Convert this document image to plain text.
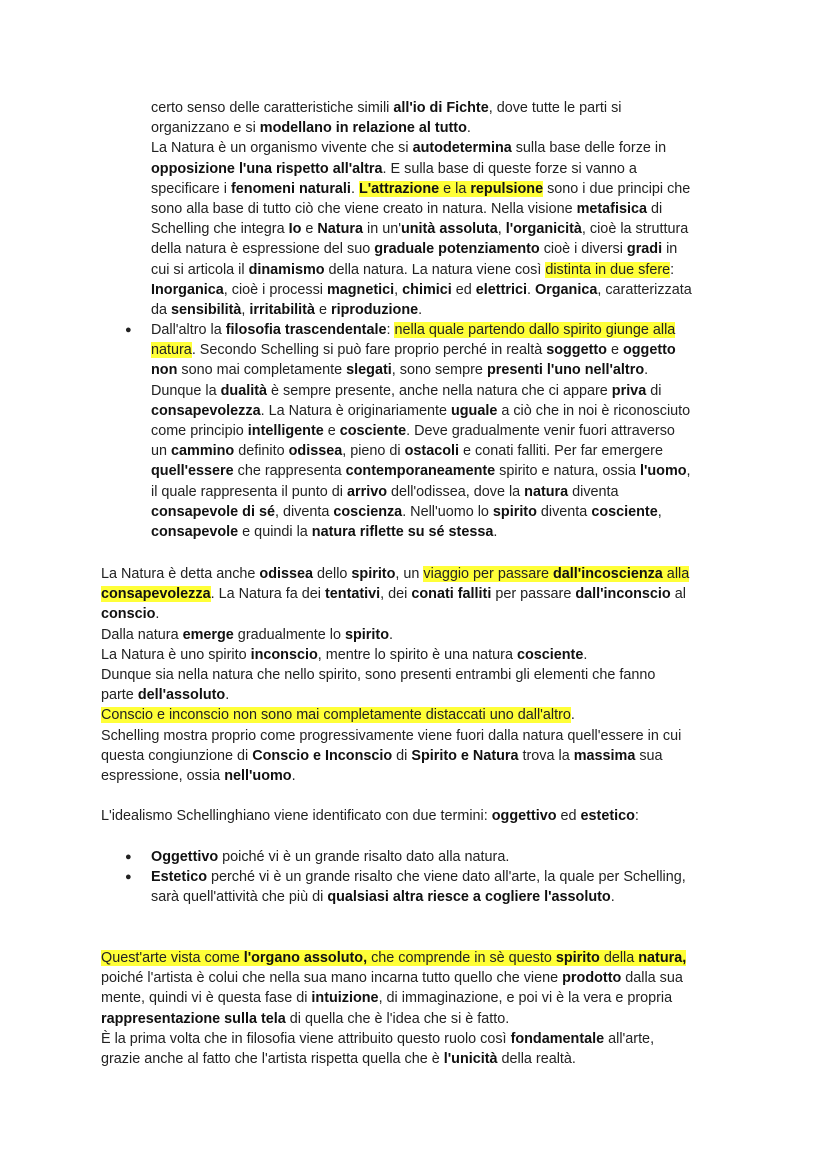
certo senso delle caratteristiche simili all'io di Fichte, dove tutte le parti si
organizzano e si modellano in relazione al tutto.
La Natura è un organismo vivente che si autodetermina sulla base delle forze in
opposizione l'una rispetto all'altra. E sulla base di queste forze si vanno a
specificare i fenomeni naturali. L'attrazione e la repulsione sono i due principi che
sono alla base di tutto ciò che viene creato in natura. Nella visione metafisica di
Schelling che integra Io e Natura in un'unità assoluta, l'organicità, cioè la struttura
della natura è espressione del suo graduale potenziamento cioè i diversi gradi in
cui si articola il dinamismo della natura. La natura viene così distinta in due sfere:
Inorganica, cioè i processi magnetici, chimici ed elettrici. Organica, caratterizzata
da sensibilità, irritabilità e riproduzione.
● Dall'altro la filosofia trascendentale: nella quale partendo dallo spirito giunge alla
natura. Secondo Schelling si può fare proprio perché in realtà soggetto e oggetto
non sono mai completamente slegati, sono sempre presenti l'uno nell'altro.
Dunque la dualità è sempre presente, anche nella natura che ci appare priva di
consapevolezza. La Natura è originariamente uguale a ciò che in noi è riconosciuto
come principio intelligente e cosciente. Deve gradualmente venir fuori attraverso
un cammino definito odissea, pieno di ostacoli e conati falliti. Per far emergere
quell'essere che rappresenta contemporaneamente spirito e natura, ossia l'uomo,
il quale rappresenta il punto di arrivo dell'odissea, dove la natura diventa
consapevole di sé, diventa coscienza. Nell'uomo lo spirito diventa cosciente,
consapevole e quindi la natura riflette su sé stessa.
La Natura è detta anche odissea dello spirito, un viaggio per passare dall'incoscienza alla
consapevolezza. La Natura fa dei tentativi, dei conati falliti per passare dall'inconscio al
conscio.
Dalla natura emerge gradualmente lo spirito.
La Natura è uno spirito inconscio, mentre lo spirito è una natura cosciente.
Dunque sia nella natura che nello spirito, sono presenti entrambi gli elementi che fanno
parte dell'assoluto.
Conscio e inconscio non sono mai completamente distaccati uno dall'altro.
Schelling mostra proprio come progressivamente viene fuori dalla natura quell'essere in cui
questa congiunzione di Conscio e Inconscio di Spirito e Natura trova la massima sua
espressione, ossia nell'uomo.
L'idealismo Schellinghiano viene identificato con due termini: oggettivo ed estetico:
● Oggettivo poiché vi è un grande risalto dato alla natura.
● Estetico perché vi è un grande risalto che viene dato all'arte, la quale per Schelling,
sarà quell'attività che più di qualsiasi altra riesce a cogliere l'assoluto.
Quest'arte vista come l'organo assoluto, che comprende in sè questo spirito della natura,
poiché l'artista è colui che nella sua mano incarna tutto quello che viene prodotto dalla sua
mente, quindi vi è questa fase di intuizione, di immaginazione, e poi vi è la vera e propria
rappresentazione sulla tela di quella che è l'idea che si è fatto.
È la prima volta che in filosofia viene attribuito questo ruolo così fondamentale all'arte,
grazie anche al fatto che l'artista rispetta quella che è l'unicità della realtà.
